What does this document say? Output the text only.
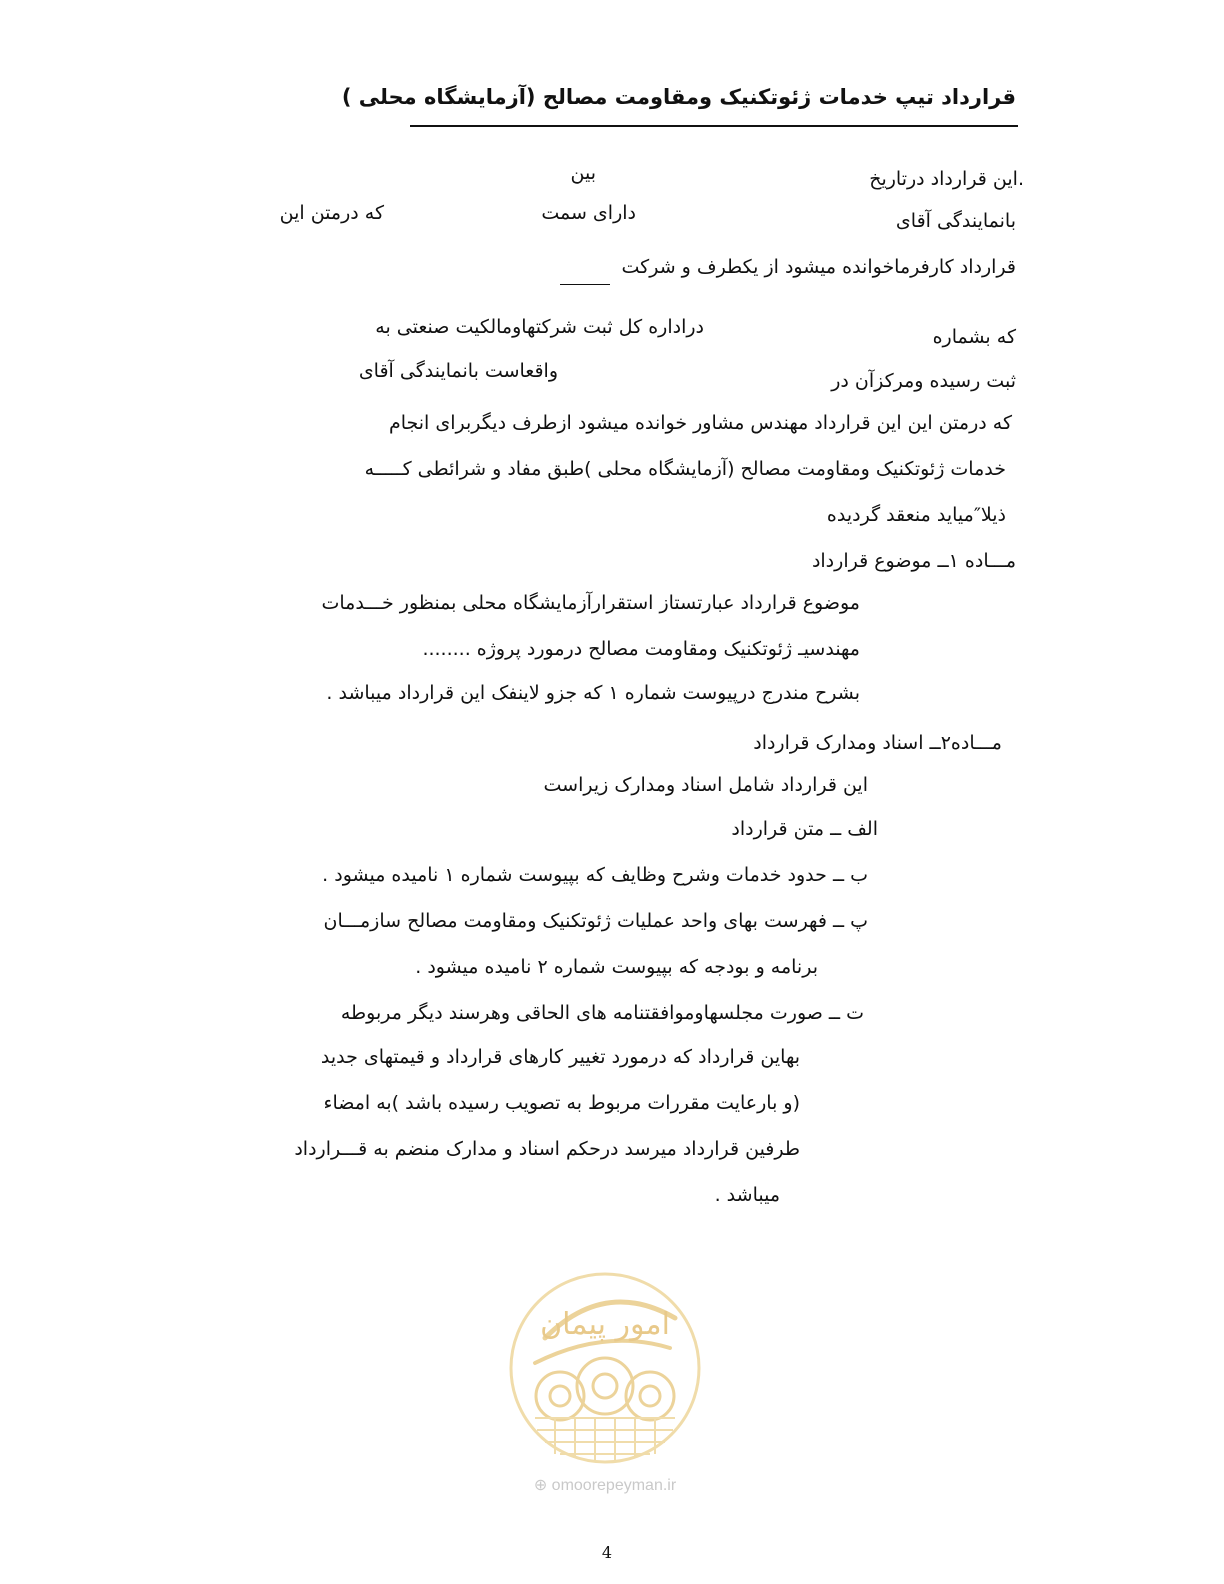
قرارداد تیپ خدمات ژئوتکنیک ومقاومت مصالح (آزمایشگاه محلی )
.این قرارداد درتاریخ
بین
بانمایندگی آقای
دارای سمت
که درمتن این
قرارداد کارفرماخوانده میشود از یکطرف و شرکت
که بشماره
دراداره کل ثبت شرکتهاومالکیت صنعتی به
ثبت رسیده ومرکزآن در
واقعاست بانمایندگی آقای
که درمتن این این قرارداد مهندس مشاور خوانده میشود ازطرف دیگربرای انجام
خدمات ژئوتکنیک ومقاومت مصالح (آزمایشگاه محلی )طبق مفاد و شرائطی کـــــه
ذیلا″میاید منعقد گردیده
مـــاده ۱ــ موضوع قرارداد
موضوع قرارداد عبارتستاز استقرارآزمایشگاه محلی بمنظور خـــدمات
مهندسیـ ژئوتکنیک ومقاومت مصالح درمورد پروژه ........
بشرح مندرج درپیوست شماره ۱ که جزو لاینفک این قرارداد میباشد .
مـــاده۲ــ اسناد ومدارک قرارداد
این قرارداد شامل اسناد ومدارک زیراست
الف ــ متن قرارداد
ب ــ حدود خدمات وشرح وظایف که بپیوست شماره ۱ نامیده میشود .
پ ــ فهرست بهای واحد عملیات ژئوتکنیک ومقاومت مصالح سازمـــان
برنامه و بودجه که بپیوست شماره ۲ نامیده میشود .
ت ــ صورت مجلسهاوموافقتنامه های الحاقی وهرسند دیگر مربوطه
بهاین قرارداد که درمورد تغییر کارهای قرارداد و قیمتهای جدید
(و بارعایت مقررات مربوط به تصویب رسیده باشد )به امضاء
طرفین قرارداد میرسد درحکم اسناد و مدارک منضم به قـــرارداد
میباشد .
امور پیمان
⊕ omoorepeyman.ir
4
